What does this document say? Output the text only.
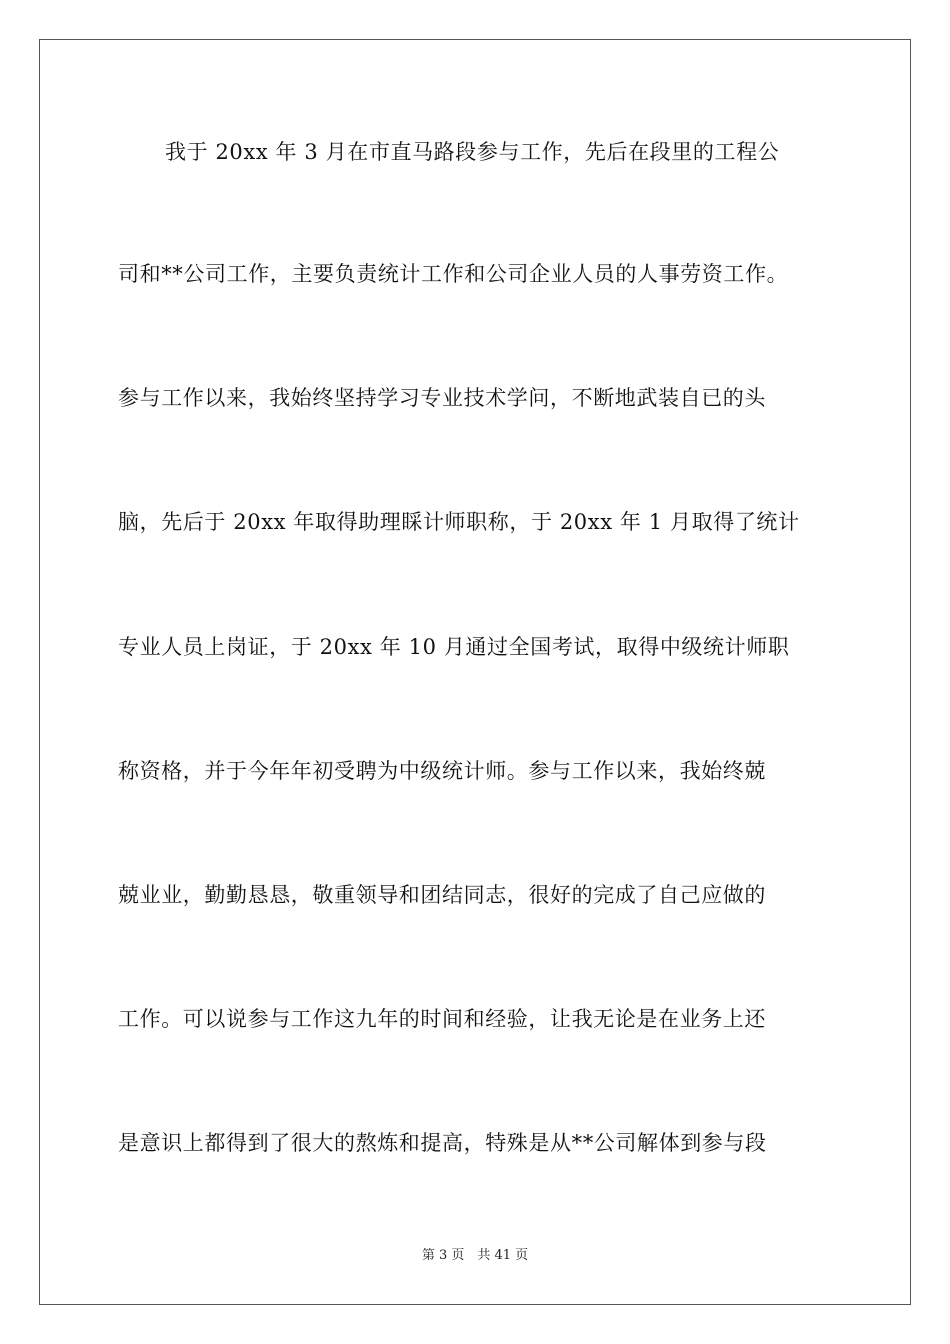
我于 20xx 年 3 月在市直马路段参与工作，先后在段里的工程公
司和**公司工作，主要负责统计工作和公司企业人员的人事劳资工作。
参与工作以来，我始终坚持学习专业技术学问，不断地武装自已的头
脑，先后于 20xx 年取得助理睬计师职称，于 20xx 年 1 月取得了统计
专业人员上岗证，于 20xx 年 10 月通过全国考试，取得中级统计师职
称资格，并于今年年初受聘为中级统计师。参与工作以来，我始终兢
兢业业，勤勤恳恳，敬重领导和团结同志，很好的完成了自己应做的
工作。可以说参与工作这九年的时间和经验，让我无论是在业务上还
是意识上都得到了很大的熬炼和提高，特殊是从**公司解体到参与段
第 3 页　 共 41 页
